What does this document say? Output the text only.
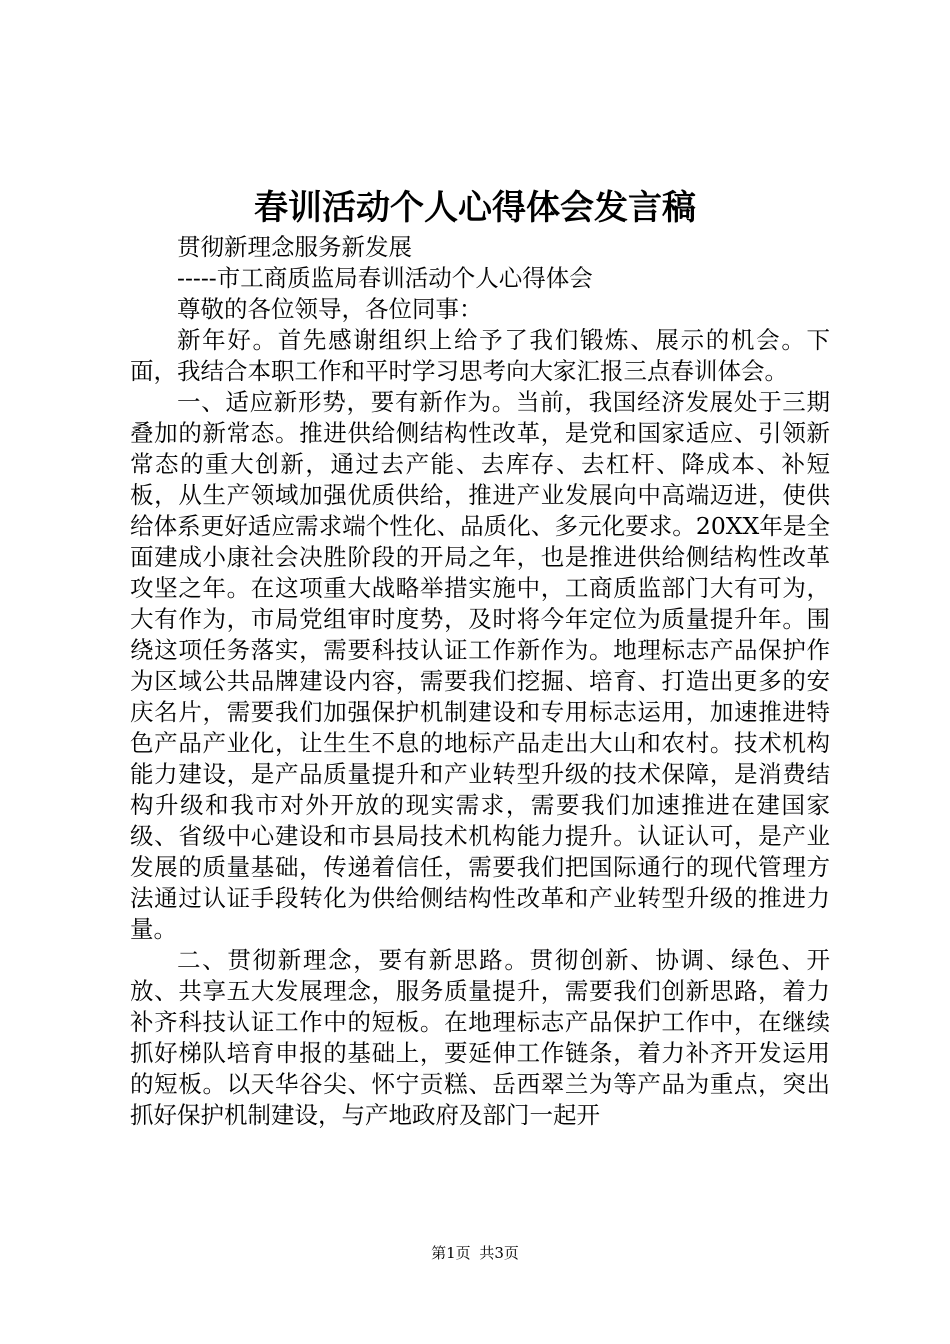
春训活动个人心得体会发言稿

贯彻新理念服务新发展

-----市工商质监局春训活动个人心得体会

尊敬的各位领导，各位同事：

新年好。首先感谢组织上给予了我们锻炼、展示的机会。下面，我结合本职工作和平时学习思考向大家汇报三点春训体会。

一、适应新形势，要有新作为。当前，我国经济发展处于三期叠加的新常态。推进供给侧结构性改革，是党和国家适应、引领新常态的重大创新，通过去产能、去库存、去杠杆、降成本、补短板，从生产领域加强优质供给，推进产业发展向中高端迈进，使供给体系更好适应需求端个性化、品质化、多元化要求。20XX年是全面建成小康社会决胜阶段的开局之年，也是推进供给侧结构性改革攻坚之年。在这项重大战略举措实施中，工商质监部门大有可为，大有作为，市局党组审时度势，及时将今年定位为质量提升年。围绕这项任务落实，需要科技认证工作新作为。地理标志产品保护作为区域公共品牌建设内容，需要我们挖掘、培育、打造出更多的安庆名片，需要我们加强保护机制建设和专用标志运用，加速推进特色产品产业化，让生生不息的地标产品走出大山和农村。技术机构能力建设，是产品质量提升和产业转型升级的技术保障，是消费结构升级和我市对外开放的现实需求，需要我们加速推进在建国家级、省级中心建设和市县局技术机构能力提升。认证认可，是产业发展的质量基础，传递着信任，需要我们把国际通行的现代管理方法通过认证手段转化为供给侧结构性改革和产业转型升级的推进力量。

二、贯彻新理念，要有新思路。贯彻创新、协调、绿色、开放、共享五大发展理念，服务质量提升，需要我们创新思路，着力补齐科技认证工作中的短板。在地理标志产品保护工作中，在继续抓好梯队培育申报的基础上，要延伸工作链条，着力补齐开发运用的短板。以天华谷尖、怀宁贡糕、岳西翠兰为等产品为重点，突出抓好保护机制建设，与产地政府及部门一起开

第1页 共3页
